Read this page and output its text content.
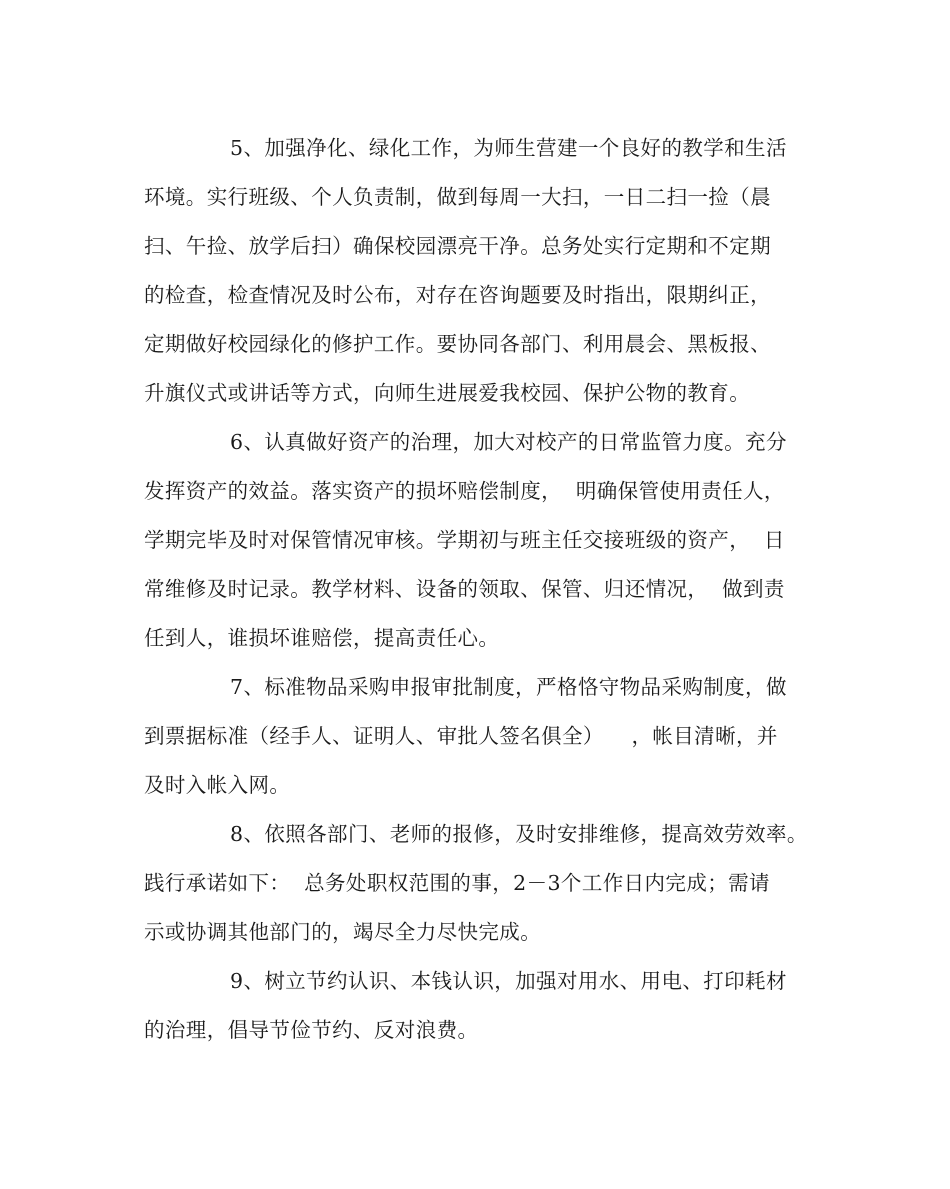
5、加强净化、绿化工作，为师生营建一个良好的教学和生活
环境。实行班级、个人负责制，做到每周一大扫，一日二扫一捡（晨
扫、午捡、放学后扫）确保校园漂亮干净。总务处实行定期和不定期
的检查，检查情况及时公布，对存在咨询题要及时指出，限期纠正，
定期做好校园绿化的修护工作。要协同各部门、利用晨会、黑板报、
升旗仪式或讲话等方式，向师生进展爱我校园、保护公物的教育。
6、认真做好资产的治理，加大对校产的日常监管力度。充分
发挥资产的效益。落实资产的损坏赔偿制度，  明确保管使用责任人，
学期完毕及时对保管情况审核。学期初与班主任交接班级的资产，  日
常维修及时记录。教学材料、设备的领取、保管、归还情况，  做到责
任到人，谁损坏谁赔偿，提高责任心。
7、标准物品采购申报审批制度，严格恪守物品采购制度，做
到票据标准（经手人、证明人、审批人签名俱全）    ，帐目清晰，并
及时入帐入网。
8、依照各部门、老师的报修，及时安排维修，提高效劳效率。
践行承诺如下：  总务处职权范围的事，2－3个工作日内完成；需请
示或协调其他部门的，竭尽全力尽快完成。
9、树立节约认识、本钱认识，加强对用水、用电、打印耗材
的治理，倡导节俭节约、反对浪费。
